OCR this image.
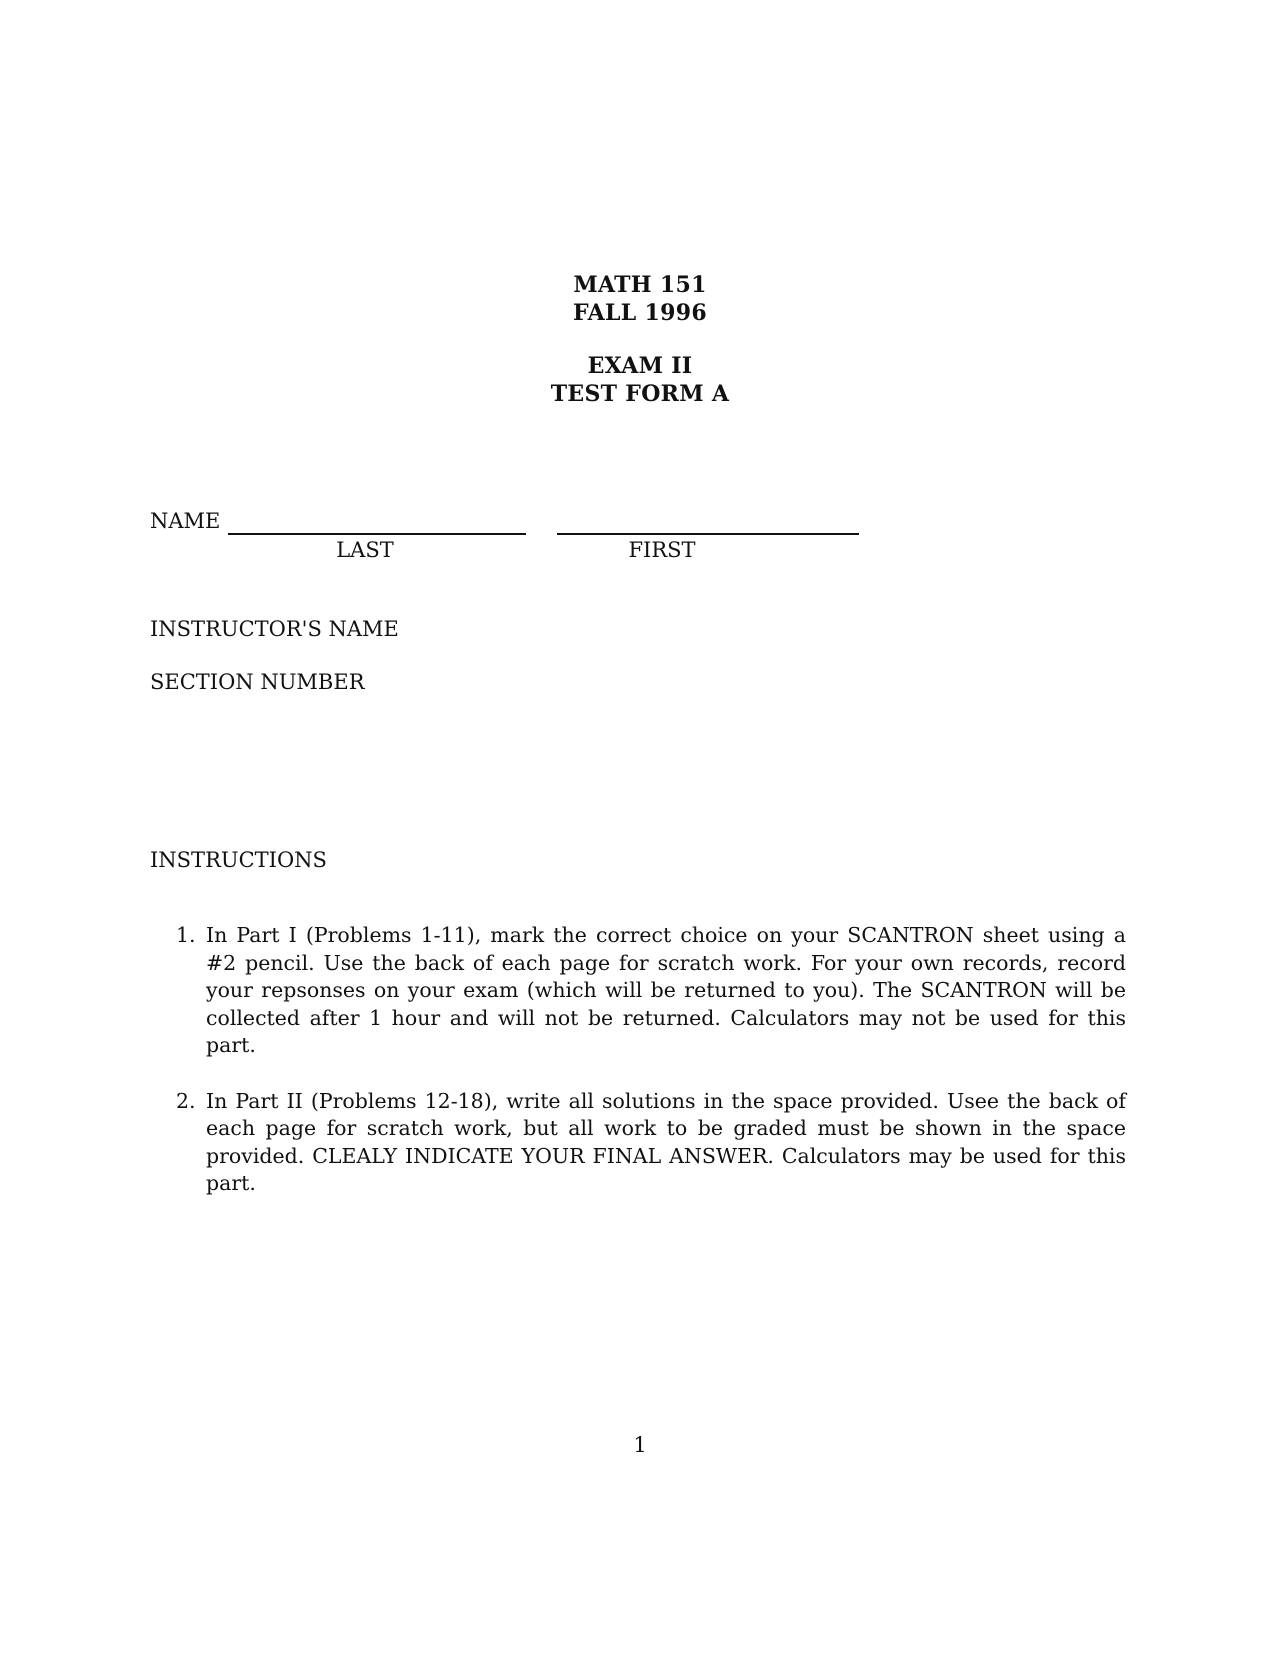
MATH 151
FALL 1996
EXAM II
TEST FORM A
NAME
LAST	FIRST
INSTRUCTOR'S NAME
SECTION NUMBER
INSTRUCTIONS
1. In Part I (Problems 1-11), mark the correct choice on your SCANTRON sheet using a #2 pencil. Use the back of each page for scratch work. For your own records, record your repsonses on your exam (which will be returned to you). The SCANTRON will be collected after 1 hour and will not be returned. Calculators may not be used for this part.
2. In Part II (Problems 12-18), write all solutions in the space provided. Usee the back of each page for scratch work, but all work to be graded must be shown in the space provided. CLEALY INDICATE YOUR FINAL ANSWER. Calculators may be used for this part.
1
